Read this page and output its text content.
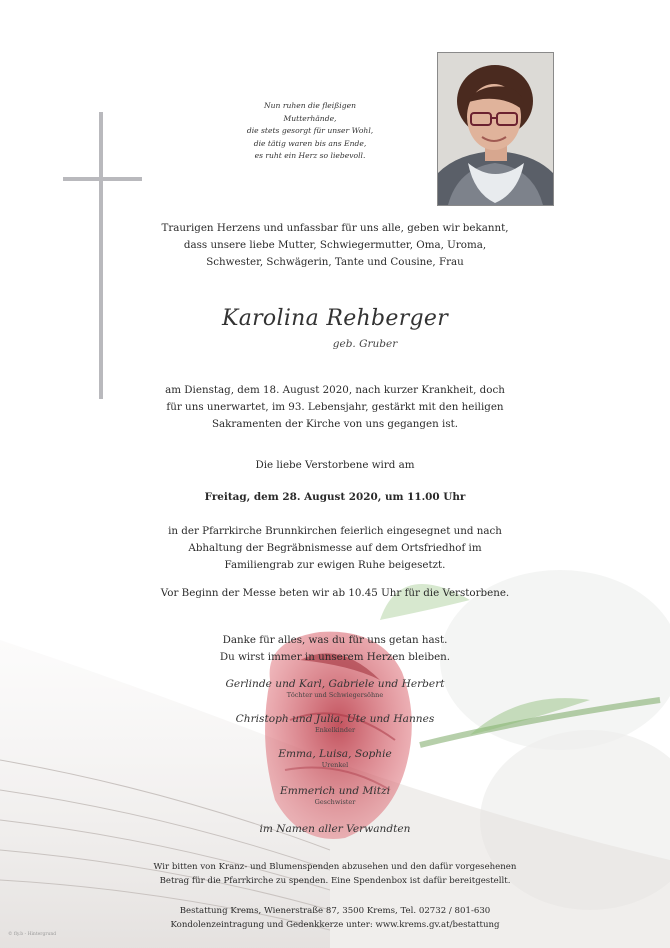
Nun ruhen die fleißigen
Mutterhände,
die stets gesorgt für unser Wohl,
die tätig waren bis ans Ende,
es ruht ein Herz so liebevoll.
Traurigen Herzens und unfassbar für uns alle, geben wir bekannt,
dass unsere liebe Mutter, Schwiegermutter, Oma, Uroma,
Schwester, Schwägerin, Tante und Cousine, Frau
Karolina Rehberger
geb. Gruber
am Dienstag, dem 18. August 2020, nach kurzer Krankheit, doch
für uns unerwartet, im 93. Lebensjahr, gestärkt mit den heiligen
Sakramenten der Kirche von uns gegangen ist.
Die liebe Verstorbene wird am
Freitag, dem 28. August 2020, um 11.00 Uhr
in der Pfarrkirche Brunnkirchen feierlich eingesegnet und nach
Abhaltung der Begräbnismesse auf dem Ortsfriedhof im
Familiengrab zur ewigen Ruhe beigesetzt.
Vor Beginn der Messe beten wir ab 10.45 Uhr für die Verstorbene.
Danke für alles, was du für uns getan hast.
Du wirst immer in unserem Herzen bleiben.
Gerlinde und Karl, Gabriele und Herbert
Töchter und Schwiegersöhne
Christoph und Julia, Ute und Hannes
Enkelkinder
Emma, Luisa, Sophie
Urenkel
Emmerich und Mitzi
Geschwister
im Namen aller Verwandten
Wir bitten von Kranz- und Blumenspenden abzusehen und den dafür vorgesehenen
Betrag für die Pfarrkirche zu spenden. Eine Spendenbox ist dafür bereitgestellt.
Bestattung Krems, Wienerstraße 87, 3500 Krems, Tel. 02732 / 801-630
Kondolenzeintragung und Gedenkkerze unter: www.krems.gv.at/bestattung
© fly.b - Hintergrund
